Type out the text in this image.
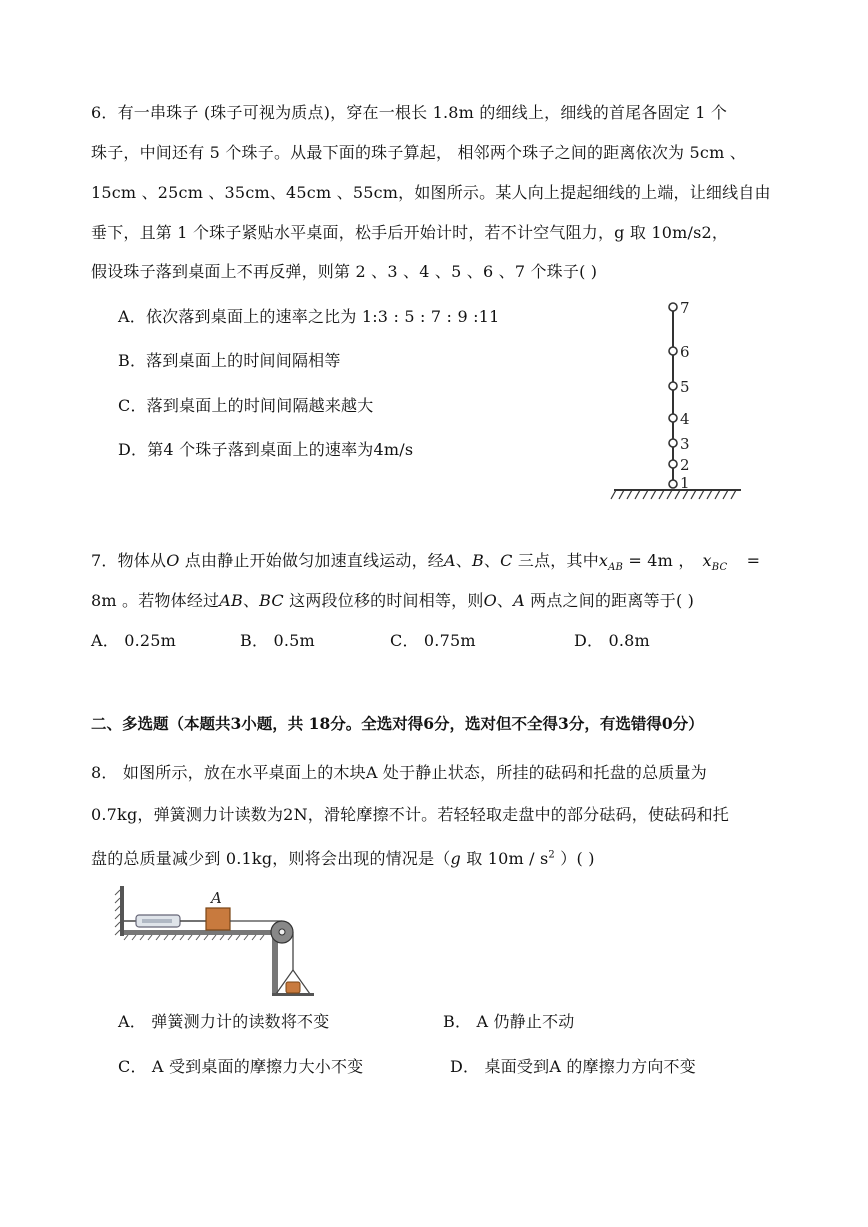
6．有一串珠子 (珠子可视为质点)，穿在一根长 1.8m 的细线上，细线的首尾各固定 1 个
珠子，中间还有 5 个珠子。从最下面的珠子算起， 相邻两个珠子之间的距离依次为 5cm 、
15cm 、25cm 、35cm、45cm 、55cm，如图所示。某人向上提起细线的上端，让细线自由
垂下，且第 1 个珠子紧贴水平桌面，松手后开始计时，若不计空气阻力，g 取 10m/s2，
假设珠子落到桌面上不再反弹，则第 2 、3 、4 、5 、6 、7 个珠子( )
A．依次落到桌面上的速率之比为 1:3 : 5 : 7 : 9 :11
B．落到桌面上的时间间隔相等
C．落到桌面上的时间间隔越来越大
D．第4 个珠子落到桌面上的速率为4m/s
7
6
5
4
3
2
1
7．物体从O 点由静止开始做匀加速直线运动，经A、B、C 三点，其中$x_{AB} = 4m$ ， $x_{BC}$ =
8m 。若物体经过AB、BC 这两段位移的时间相等，则O、A 两点之间的距离等于( )
A． 0.25m	B． 0.5m	C． 0.75m	D． 0.8m
二、多选题（本题共3小题，共 18分。全选对得6分，选对但不全得3分，有选错得0分）
8． 如图所示，放在水平桌面上的木块A 处于静止状态，所挂的砝码和托盘的总质量为
0.7kg，弹簧测力计读数为2N，滑轮摩擦不计。若轻轻取走盘中的部分砝码，使砝码和托
盘的总质量减少到 0.1kg，则将会出现的情况是（g 取 $10m / s^2$ ）( )
A
A． 弹簧测力计的读数将不变	B． A 仍静止不动
C． A 受到桌面的摩擦力大小不变	D． 桌面受到A 的摩擦力方向不变
